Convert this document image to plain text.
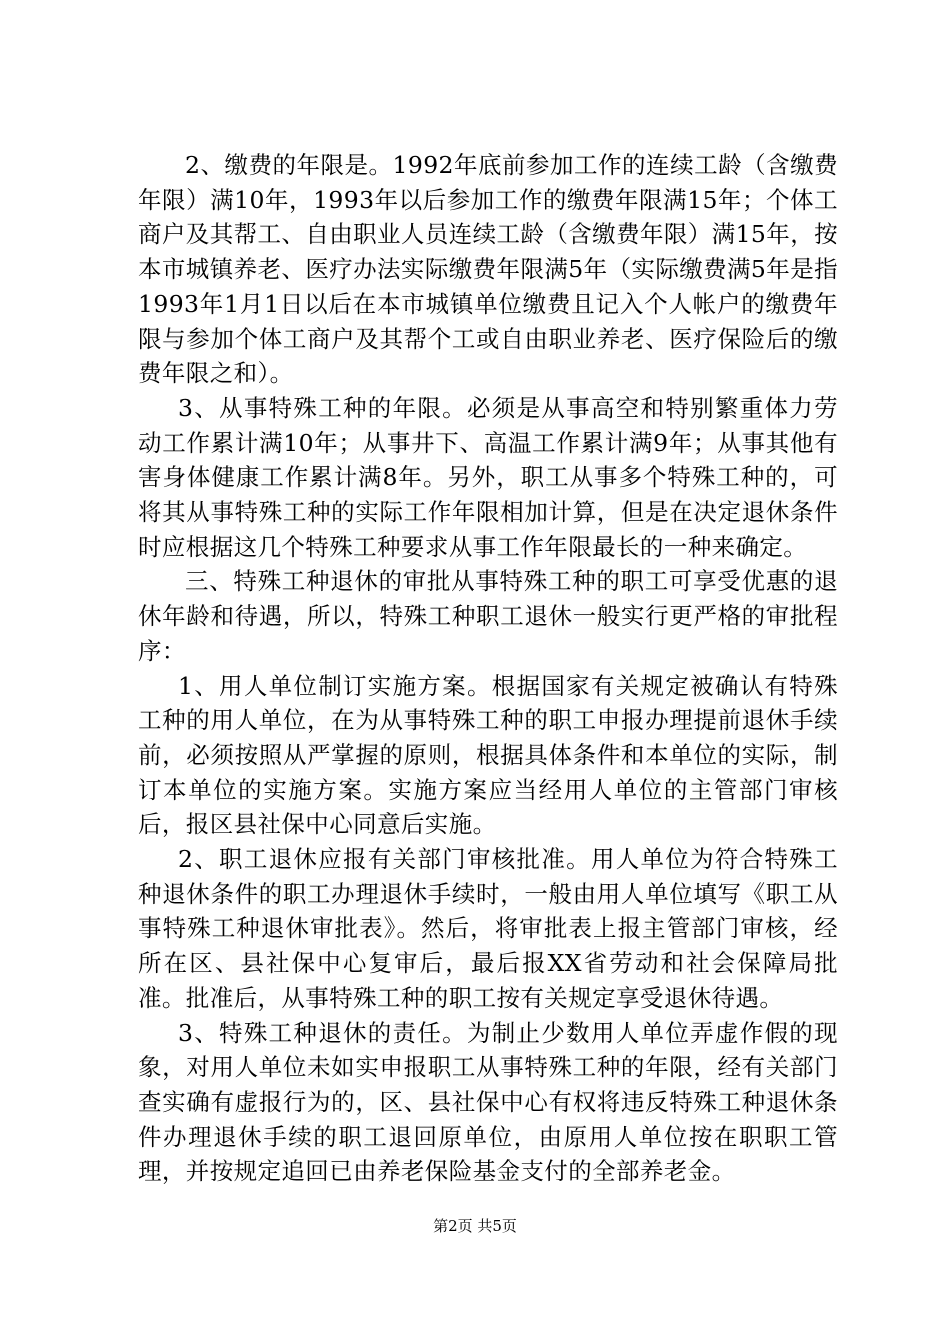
2、缴费的年限是。1992年底前参加工作的连续工龄（含缴费年限）满10年，1993年以后参加工作的缴费年限满15年；个体工商户及其帮工、自由职业人员连续工龄（含缴费年限）满15年，按本市城镇养老、医疗办法实际缴费年限满5年（实际缴费满5年是指1993年1月1日以后在本市城镇单位缴费且记入个人帐户的缴费年限与参加个体工商户及其帮个工或自由职业养老、医疗保险后的缴费年限之和）。

3、从事特殊工种的年限。必须是从事高空和特别繁重体力劳动工作累计满10年；从事井下、高温工作累计满9年；从事其他有害身体健康工作累计满8年。另外，职工从事多个特殊工种的，可将其从事特殊工种的实际工作年限相加计算，但是在决定退休条件时应根据这几个特殊工种要求从事工作年限最长的一种来确定。

三、特殊工种退休的审批从事特殊工种的职工可享受优惠的退休年龄和待遇，所以，特殊工种职工退休一般实行更严格的审批程序：

1、用人单位制订实施方案。根据国家有关规定被确认有特殊工种的用人单位，在为从事特殊工种的职工申报办理提前退休手续前，必须按照从严掌握的原则，根据具体条件和本单位的实际，制订本单位的实施方案。实施方案应当经用人单位的主管部门审核后，报区县社保中心同意后实施。

2、职工退休应报有关部门审核批准。用人单位为符合特殊工种退休条件的职工办理退休手续时，一般由用人单位填写《职工从事特殊工种退休审批表》。然后，将审批表上报主管部门审核，经所在区、县社保中心复审后，最后报XX省劳动和社会保障局批准。批准后，从事特殊工种的职工按有关规定享受退休待遇。

3、特殊工种退休的责任。为制止少数用人单位弄虚作假的现象，对用人单位未如实申报职工从事特殊工种的年限，经有关部门查实确有虚报行为的，区、县社保中心有权将违反特殊工种退休条件办理退休手续的职工退回原单位，由原用人单位按在职职工管理，并按规定追回已由养老保险基金支付的全部养老金。

第2页 共5页
